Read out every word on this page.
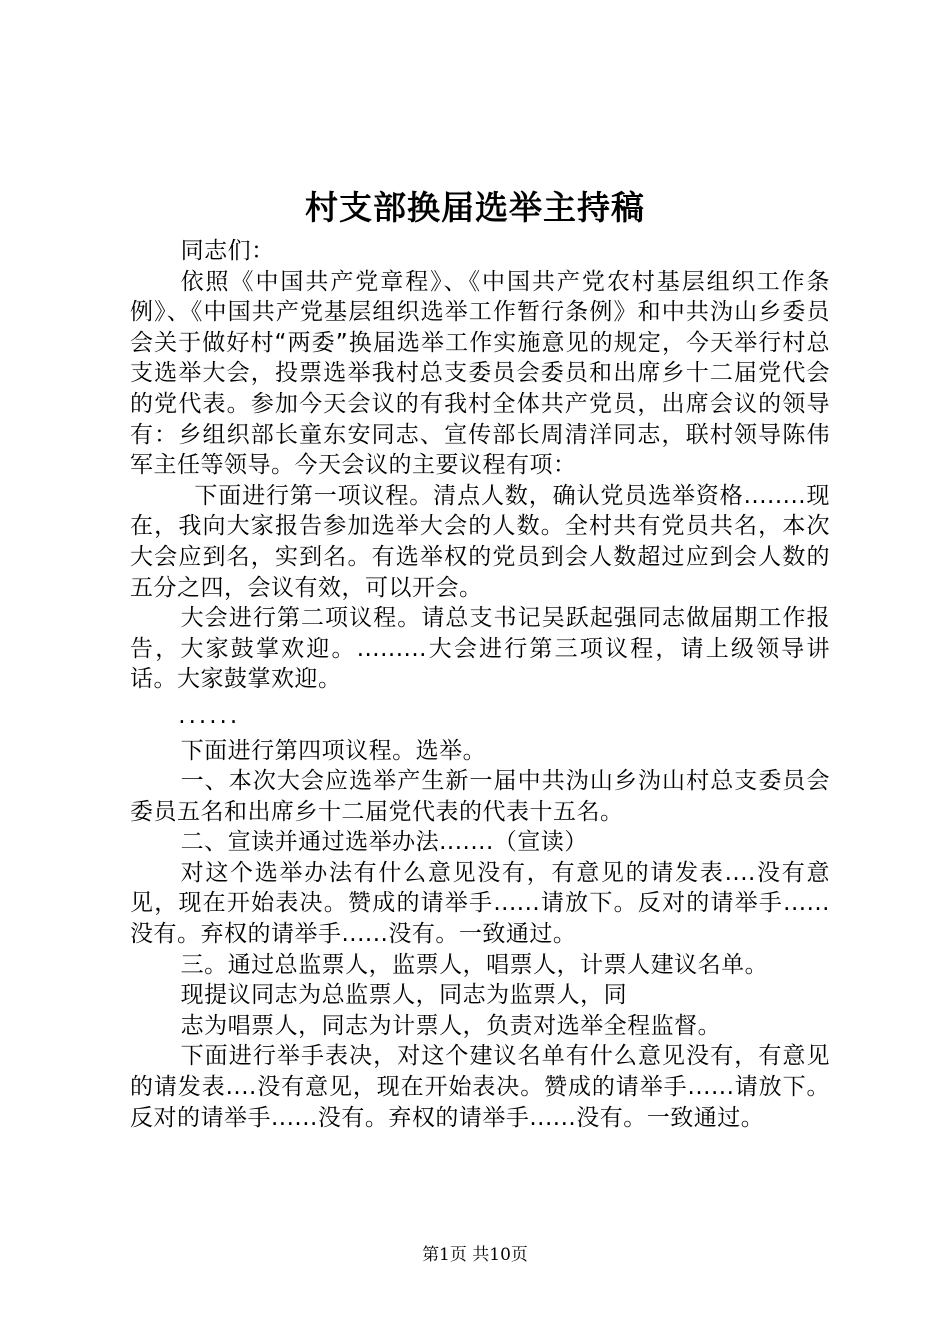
村支部换届选举主持稿

同志们：

依照《中国共产党章程》、《中国共产党农村基层组织工作条例》、《中国共产党基层组织选举工作暂行条例》和中共沩山乡委员会关于做好村“两委”换届选举工作实施意见的规定，今天举行村总支选举大会，投票选举我村总支委员会委员和出席乡十二届党代会的党代表。参加今天会议的有我村全体共产党员，出席会议的领导有：乡组织部长童东安同志、宣传部长周清洋同志，联村领导陈伟军主任等领导。今天会议的主要议程有项：

下面进行第一项议程。清点人数，确认党员选举资格........现在，我向大家报告参加选举大会的人数。全村共有党员共名，本次大会应到名，实到名。有选举权的党员到会人数超过应到会人数的五分之四，会议有效，可以开会。

大会进行第二项议程。请总支书记吴跃起强同志做届期工作报告，大家鼓掌欢迎。.........大会进行第三项议程，请上级领导讲话。大家鼓掌欢迎。

......

下面进行第四项议程。选举。

一、本次大会应选举产生新一届中共沩山乡沩山村总支委员会委员五名和出席乡十二届党代表的代表十五名。

二、宣读并通过选举办法.......（宣读）

对这个选举办法有什么意见没有，有意见的请发表....没有意见，现在开始表决。赞成的请举手......请放下。反对的请举手......没有。弃权的请举手......没有。一致通过。

三。通过总监票人，监票人，唱票人，计票人建议名单。

现提议同志为总监票人，同志为监票人，同

志为唱票人，同志为计票人，负责对选举全程监督。

下面进行举手表决，对这个建议名单有什么意见没有，有意见的请发表....没有意见，现在开始表决。赞成的请举手......请放下。反对的请举手......没有。弃权的请举手......没有。一致通过。

第1页 共10页
